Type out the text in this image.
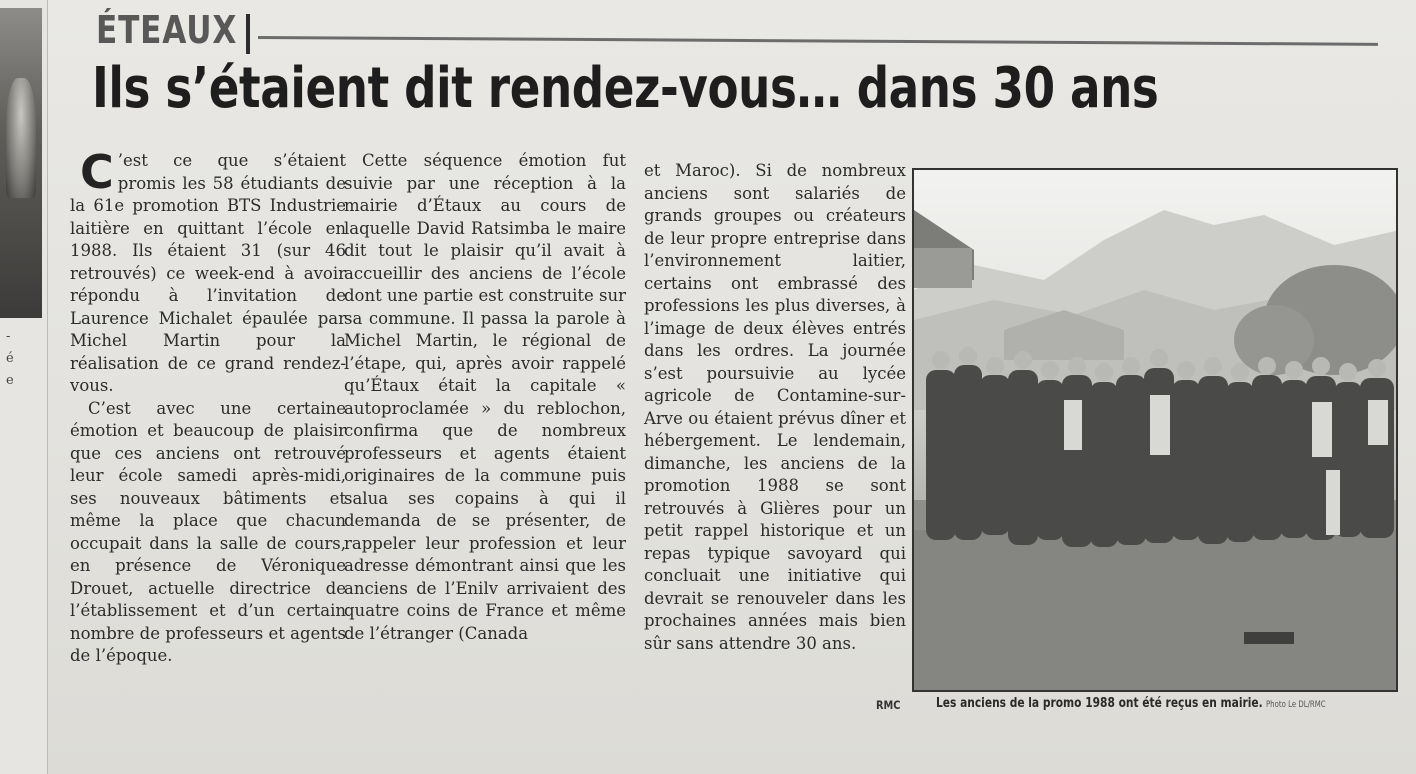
-
é
e
ÉTEAUX
Ils s’étaient dit rendez-vous… dans 30 ans

C ’est ce que s’étaient promis les 58 étudiants de la 61e promotion BTS Industrie laitière en quittant l’école en 1988. Ils étaient 31 (sur 46 retrouvés) ce week-end à avoir répondu à l’invitation de Laurence Michalet épaulée par Michel Martin pour la réalisation de ce grand rendez-vous.

C’est avec une certaine émotion et beaucoup de plaisir que ces anciens ont retrouvé leur école samedi après-midi, ses nouveaux bâtiments et même la place que chacun occupait dans la salle de cours, en présence de Véronique Drouet, actuelle directrice de l’établissement et d’un certain nombre de professeurs et agents de l’époque.

Cette séquence émotion fut suivie par une réception à la mairie d’Étaux au cours de laquelle David Ratsimba le maire dit tout le plaisir qu’il avait à accueillir des anciens de l’école dont une partie est construite sur sa commune. Il passa la parole à Michel Martin, le régional de l’étape, qui, après avoir rappelé qu’Étaux était la capitale « autoproclamée » du reblochon, confirma que de nombreux professeurs et agents étaient originaires de la commune puis salua ses copains à qui il demanda de se présenter, de rappeler leur profession et leur adresse démontrant ainsi que les anciens de l’Enilv arrivaient des quatre coins de France et même de l’étranger (Canada

et Maroc). Si de nombreux anciens sont salariés de grands groupes ou créateurs de leur propre entreprise dans l’environnement laitier, certains ont embrassé des professions les plus diverses, à l’image de deux élèves entrés dans les ordres. La journée s’est poursuivie au lycée agricole de Contamine-sur-Arve ou étaient prévus dîner et hébergement. Le lendemain, dimanche, les anciens de la promotion 1988 se sont retrouvés à Glières pour un petit rappel historique et un repas typique savoyard qui concluait une initiative qui devrait se renouveler dans les prochaines années mais bien sûr sans attendre 30 ans.

RMC	Les anciens de la promo 1988 ont été reçus en mairie. Photo Le DL/RMC
